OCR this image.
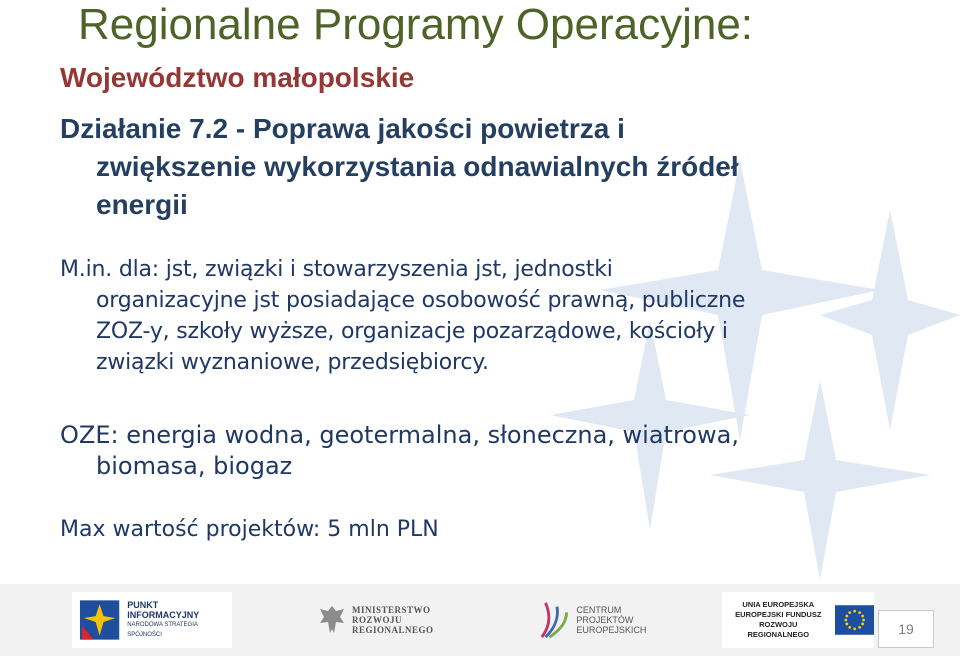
Regionalne Programy Operacyjne:
Województwo małopolskie
Działanie 7.2 - Poprawa jakości powietrza i
zwiększenie wykorzystania odnawialnych źródeł
energii
M.in. dla: jst, związki i stowarzyszenia jst, jednostki
organizacyjne jst posiadające osobowość prawną, publiczne
ZOZ-y, szkoły wyższe, organizacje pozarządowe, kościoły i
związki wyznaniowe, przedsiębiorcy.
OZE: energia wodna, geotermalna, słoneczna, wiatrowa,
biomasa, biogaz
Max wartość projektów: 5 mln PLN
PUNKT
INFORMACYJNY
NARODOWA STRATEGIA SPÓJNOŚCI
MINISTERSTWO
ROZWOJU
REGIONALNEGO
CENTRUM PROJEKTÓW
EUROPEJSKICH
UNIA EUROPEJSKA
EUROPEJSKI FUNDUSZ
ROZWOJU REGIONALNEGO	19
